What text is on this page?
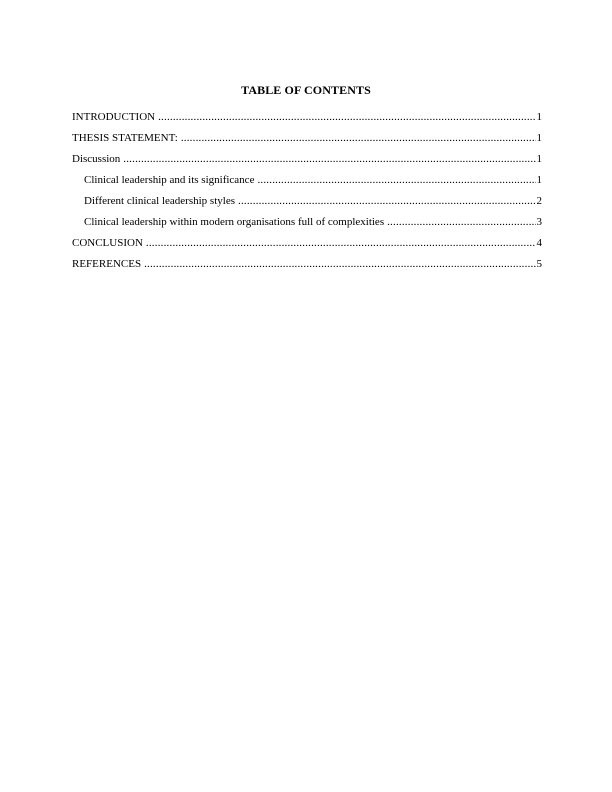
TABLE OF CONTENTS
INTRODUCTION .....	1
THESIS STATEMENT: .....	1
Discussion .....	1
Clinical leadership and its significance .....	1
Different clinical leadership styles .....	2
Clinical leadership within modern organisations full of complexities .....	3
CONCLUSION .....	4
REFERENCES .....	5
